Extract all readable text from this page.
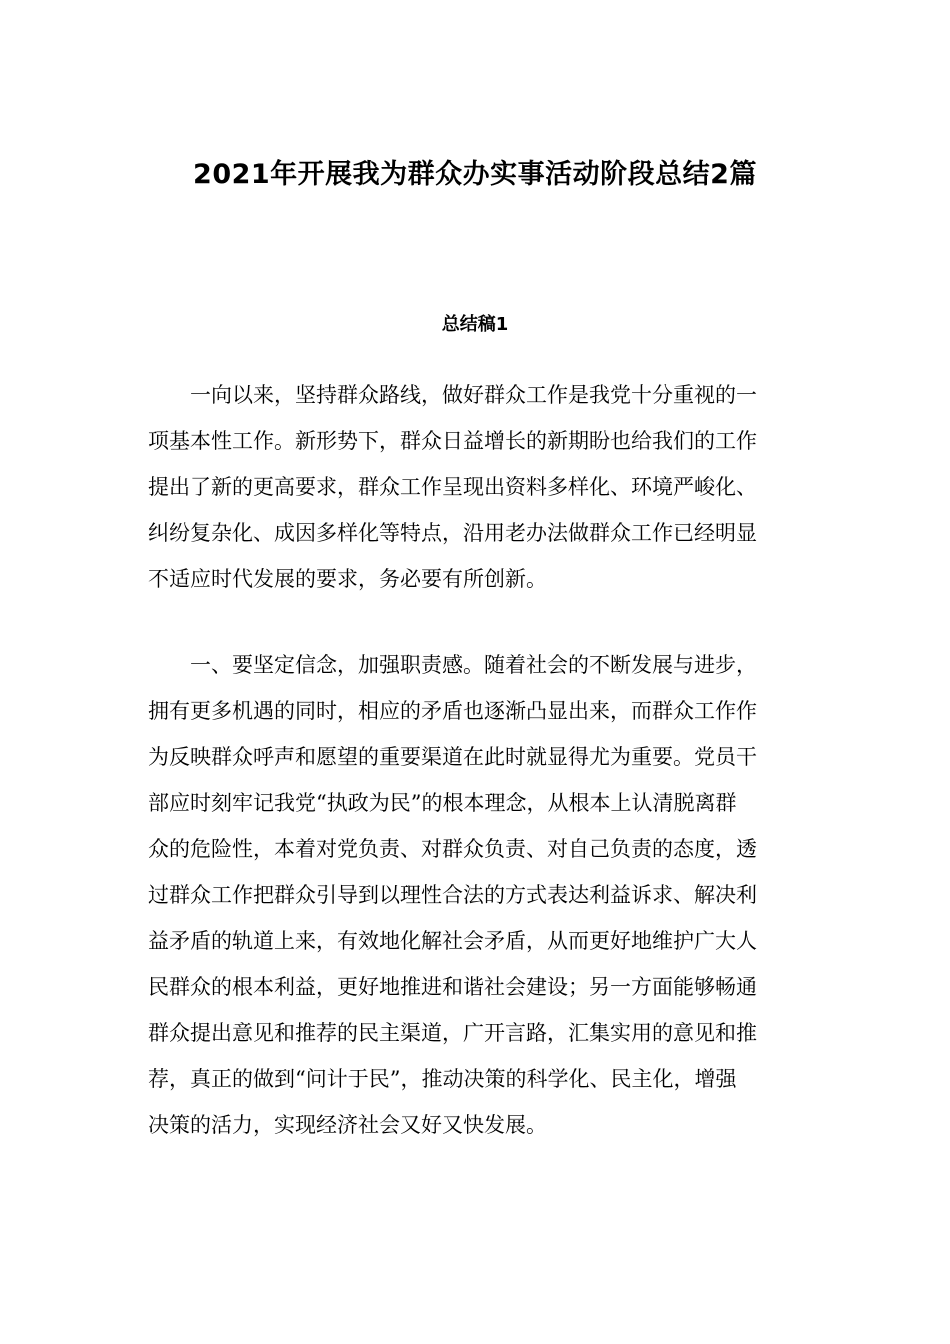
2021年开展我为群众办实事活动阶段总结2篇
总结稿1
　　一向以来，坚持群众路线，做好群众工作是我党十分重视的一
项基本性工作。新形势下，群众日益增长的新期盼也给我们的工作
提出了新的更高要求，群众工作呈现出资料多样化、环境严峻化、
纠纷复杂化、成因多样化等特点，沿用老办法做群众工作已经明显
不适应时代发展的要求，务必要有所创新。
　　一、要坚定信念，加强职责感。随着社会的不断发展与进步，
拥有更多机遇的同时，相应的矛盾也逐渐凸显出来，而群众工作作
为反映群众呼声和愿望的重要渠道在此时就显得尤为重要。党员干
部应时刻牢记我党“执政为民”的根本理念，从根本上认清脱离群
众的危险性，本着对党负责、对群众负责、对自己负责的态度，透
过群众工作把群众引导到以理性合法的方式表达利益诉求、解决利
益矛盾的轨道上来，有效地化解社会矛盾，从而更好地维护广大人
民群众的根本利益，更好地推进和谐社会建设；另一方面能够畅通
群众提出意见和推荐的民主渠道，广开言路，汇集实用的意见和推
荐，真正的做到“问计于民”，推动决策的科学化、民主化，增强
决策的活力，实现经济社会又好又快发展。
